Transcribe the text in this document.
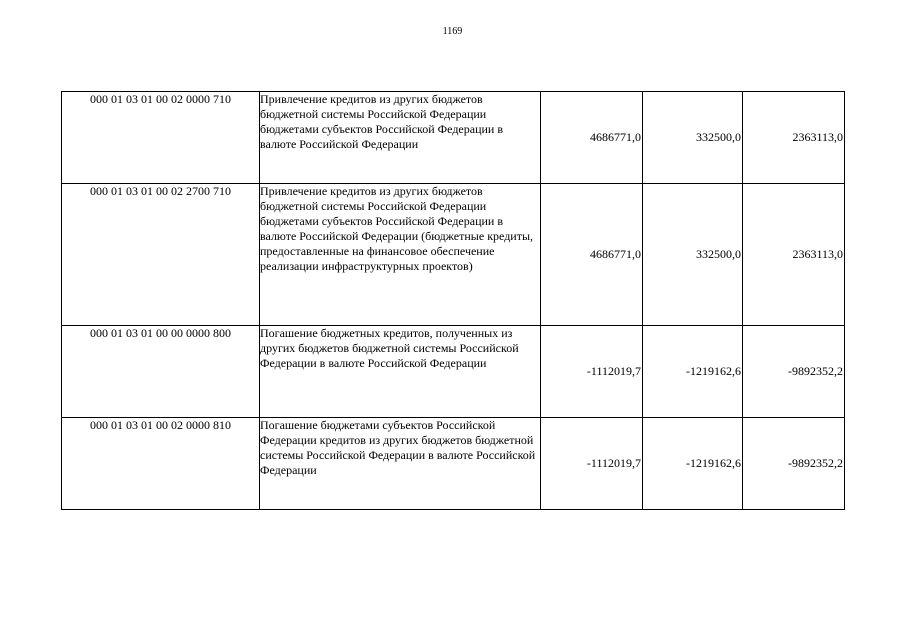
1169
000 01 03 01 00 02 0000 710	Привлечение кредитов из других бюджетов бюджетной системы Российской Федерации бюджетами субъектов Российской Федерации в валюте Российской Федерации	4686771,0	332500,0	2363113,0
000 01 03 01 00 02 2700 710	Привлечение кредитов из других бюджетов бюджетной системы Российской Федерации бюджетами субъектов Российской Федерации в валюте Российской Федерации (бюджетные кредиты, предоставленные на финансовое обеспечение реализации инфраструктурных проектов)	4686771,0	332500,0	2363113,0
000 01 03 01 00 00 0000 800	Погашение бюджетных кредитов, полученных из других бюджетов бюджетной системы Российской Федерации в валюте Российской Федерации	-1112019,7	-1219162,6	-9892352,2
000 01 03 01 00 02 0000 810	Погашение бюджетами субъектов Российской Федерации кредитов из других бюджетов бюджетной системы Российской Федерации в валюте Российской Федерации	-1112019,7	-1219162,6	-9892352,2
